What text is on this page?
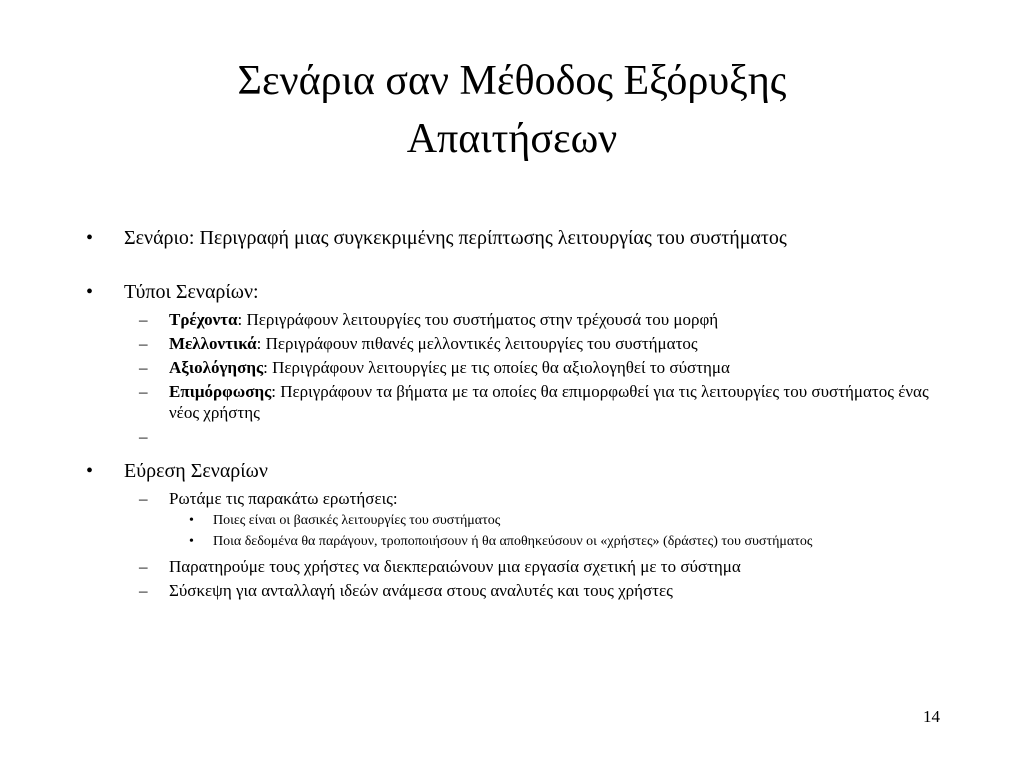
Σενάρια σαν Μέθοδος Εξόρυξης
Απαιτήσεων
•	Σενάριο: Περιγραφή μιας συγκεκριμένης περίπτωσης λειτουργίας του συστήματος
•	Τύποι Σεναρίων:
–	Τρέχοντα: Περιγράφουν λειτουργίες του συστήματος στην τρέχουσά του μορφή
–	Μελλοντικά: Περιγράφουν πιθανές μελλοντικές λειτουργίες του συστήματος
–	Αξιολόγησης: Περιγράφουν λειτουργίες με τις οποίες θα αξιολογηθεί το σύστημα
–	Επιμόρφωσης: Περιγράφουν τα βήματα με τα οποίες θα επιμορφωθεί για τις λειτουργίες του συστήματος ένας νέος χρήστης
–
•	Εύρεση Σεναρίων
–	Ρωτάμε τις παρακάτω ερωτήσεις:
•	Ποιες είναι οι βασικές λειτουργίες του συστήματος
•	Ποια δεδομένα θα παράγουν, τροποποιήσουν ή θα αποθηκεύσουν οι «χρήστες» (δράστες) του συστήματος
–	Παρατηρούμε τους χρήστες να διεκπεραιώνουν μια εργασία σχετική με το σύστημα
–	Σύσκεψη για ανταλλαγή ιδεών ανάμεσα στους αναλυτές και τους χρήστες
14
